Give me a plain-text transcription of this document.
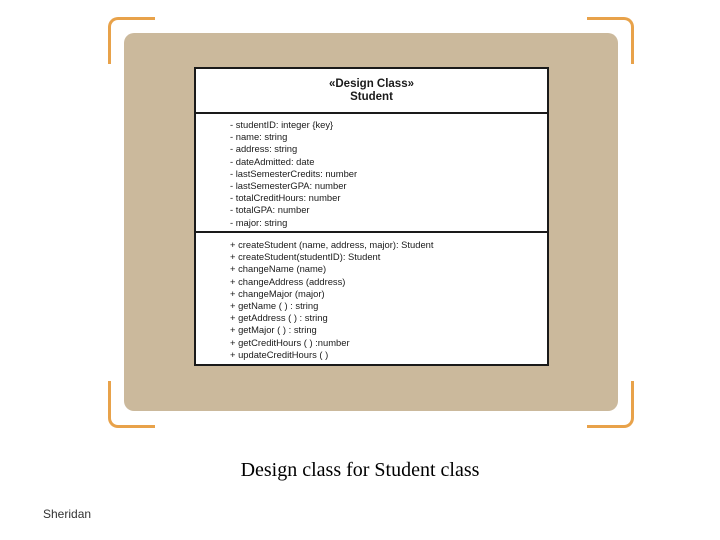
«Design Class»
Student
- studentID: integer {key}
- name: string
- address: string
- dateAdmitted: date
- lastSemesterCredits: number
- lastSemesterGPA: number
- totalCreditHours: number
- totalGPA: number
- major: string
+ createStudent (name, address, major): Student
+ createStudent(studentID): Student
+ changeName (name)
+ changeAddress (address)
+ changeMajor (major)
+ getName ( ) : string
+ getAddress ( ) : string
+ getMajor ( ) : string
+ getCreditHours ( ) :number
+ updateCreditHours ( )
Design class for Student class
Sheridan
